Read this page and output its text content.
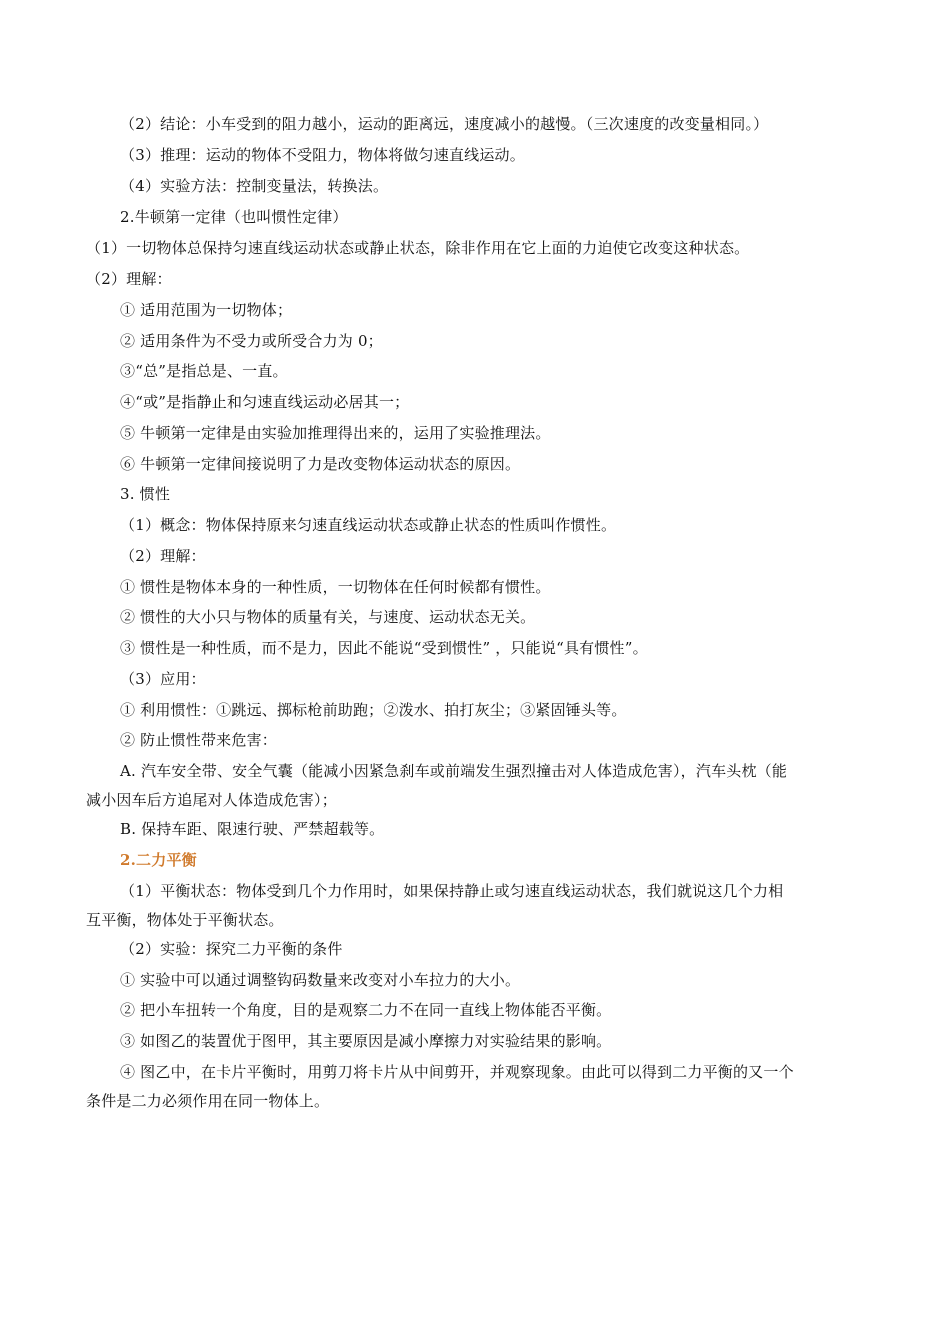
（2）结论：小车受到的阻力越小，运动的距离远，速度减小的越慢。（三次速度的改变量相同。）
（3）推理：运动的物体不受阻力，物体将做匀速直线运动。
（4）实验方法：控制变量法，转换法。
2.牛顿第一定律（也叫惯性定律）
（1）一切物体总保持匀速直线运动状态或静止状态，除非作用在它上面的力迫使它改变这种状态。
（2）理解：
① 适用范围为一切物体；
② 适用条件为不受力或所受合力为 0；
③“总”是指总是、一直。
④“或”是指静止和匀速直线运动必居其一；
⑤ 牛顿第一定律是由实验加推理得出来的，运用了实验推理法。
⑥ 牛顿第一定律间接说明了力是改变物体运动状态的原因。
3. 惯性
（1）概念：物体保持原来匀速直线运动状态或静止状态的性质叫作惯性。
（2）理解：
① 惯性是物体本身的一种性质，一切物体在任何时候都有惯性。
② 惯性的大小只与物体的质量有关，与速度、运动状态无关。
③ 惯性是一种性质，而不是力，因此不能说“受到惯性” ，只能说“具有惯性”。
（3）应用：
① 利用惯性：①跳远、掷标枪前助跑；②泼水、拍打灰尘；③紧固锤头等。
② 防止惯性带来危害：
A. 汽车安全带、安全气囊（能减小因紧急刹车或前端发生强烈撞击对人体造成危害），汽车头枕（能
减小因车后方追尾对人体造成危害）；
B. 保持车距、限速行驶、严禁超载等。
2.二力平衡
（1）平衡状态：物体受到几个力作用时，如果保持静止或匀速直线运动状态，我们就说这几个力相
互平衡，物体处于平衡状态。
（2）实验：探究二力平衡的条件
① 实验中可以通过调整钩码数量来改变对小车拉力的大小。
② 把小车扭转一个角度，目的是观察二力不在同一直线上物体能否平衡。
③ 如图乙的装置优于图甲，其主要原因是减小摩擦力对实验结果的影响。
④ 图乙中，在卡片平衡时，用剪刀将卡片从中间剪开，并观察现象。由此可以得到二力平衡的又一个
条件是二力必须作用在同一物体上。
